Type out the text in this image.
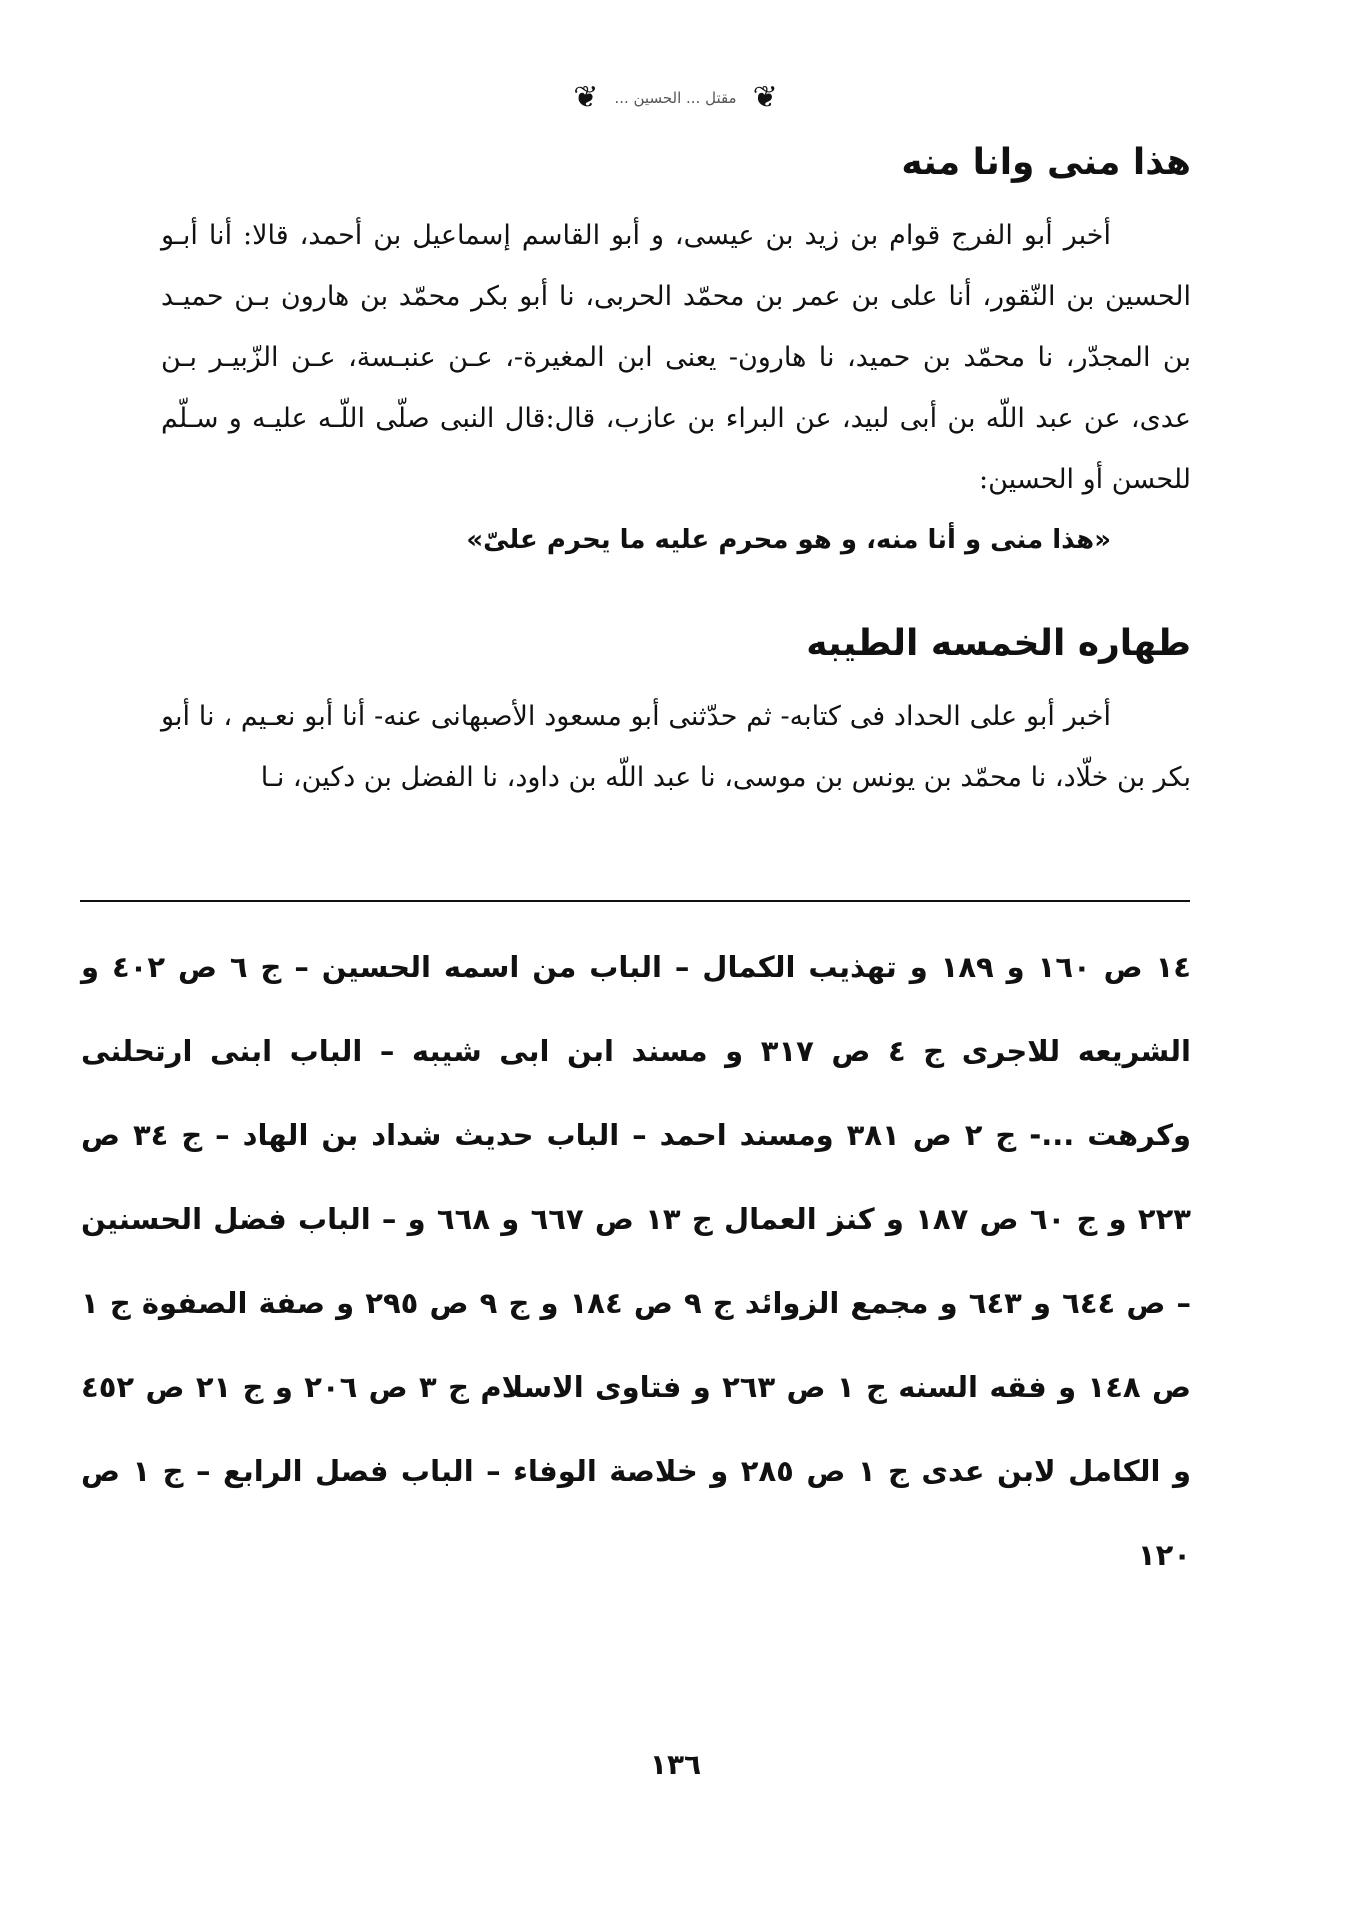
❦
مقتل ... الحسين ...
❦
هذا منى وانا منه

أخبر أبو الفرج قوام بن زيد بن عيسى، و أبو القاسم إسماعيل بن أحمد، قالا: أنا أبـو الحسين بن النّقور، أنا على بن عمر بن محمّد الحربى، نا أبو بكر محمّد بن هارون بـن حميـد بن المجدّر، نا محمّد بن حميد، نا هارون- يعنى ابن المغيرة-، عـن عنبـسة، عـن الزّبيـر بـن عدى، عن عبد اللّه بن أبى لبيد، عن البراء بن عازب، قال:قال النبى صلّى اللّـه عليـه و سـلّم للحسن أو الحسين:

«هذا منى و أنا منه، و هو محرم عليه ما يحرم علىّ»

طهاره الخمسه الطيبه

أخبر أبو على الحداد فى كتابه- ثم حدّثنى أبو مسعود الأصبهانى عنه- أنا أبو نعـيم ، نا أبو بكر بن خلّاد، نا محمّد بن يونس بن موسى، نا عبد اللّه بن داود، نا الفضل بن دكين، نـا

١٤ ص ١٦٠ و ١٨٩ و تهذيب الكمال – الباب من اسمه الحسين – ج ٦ ص ٤٠٢ و الشريعه للاجرى ج ٤ ص ٣١٧ و مسند ابن ابى شيبه – الباب ابنى ارتحلنى وكرهت ...- ج ٢ ص ٣٨١ ومسند احمد – الباب حديث شداد بن الهاد – ج ٣٤ ص ٢٢٣ و ج ٦٠ ص ١٨٧ و كنز العمال ج ١٣ ص ٦٦٧ و ٦٦٨ و – الباب فضل الحسنين – ص ٦٤٤ و ٦٤٣ و مجمع الزوائد ج ٩ ص ١٨٤ و ج ٩ ص ٢٩٥ و صفة الصفوة ج ١ ص ١٤٨ و فقه السنه ج ١ ص ٢٦٣ و فتاوى الاسلام ج ٣ ص ٢٠٦ و ج ٢١ ص ٤٥٢ و الكامل لابن عدى ج ١ ص ٢٨٥ و خلاصة الوفاء – الباب فصل الرابع – ج ١ ص ١٢٠
١٣٦
